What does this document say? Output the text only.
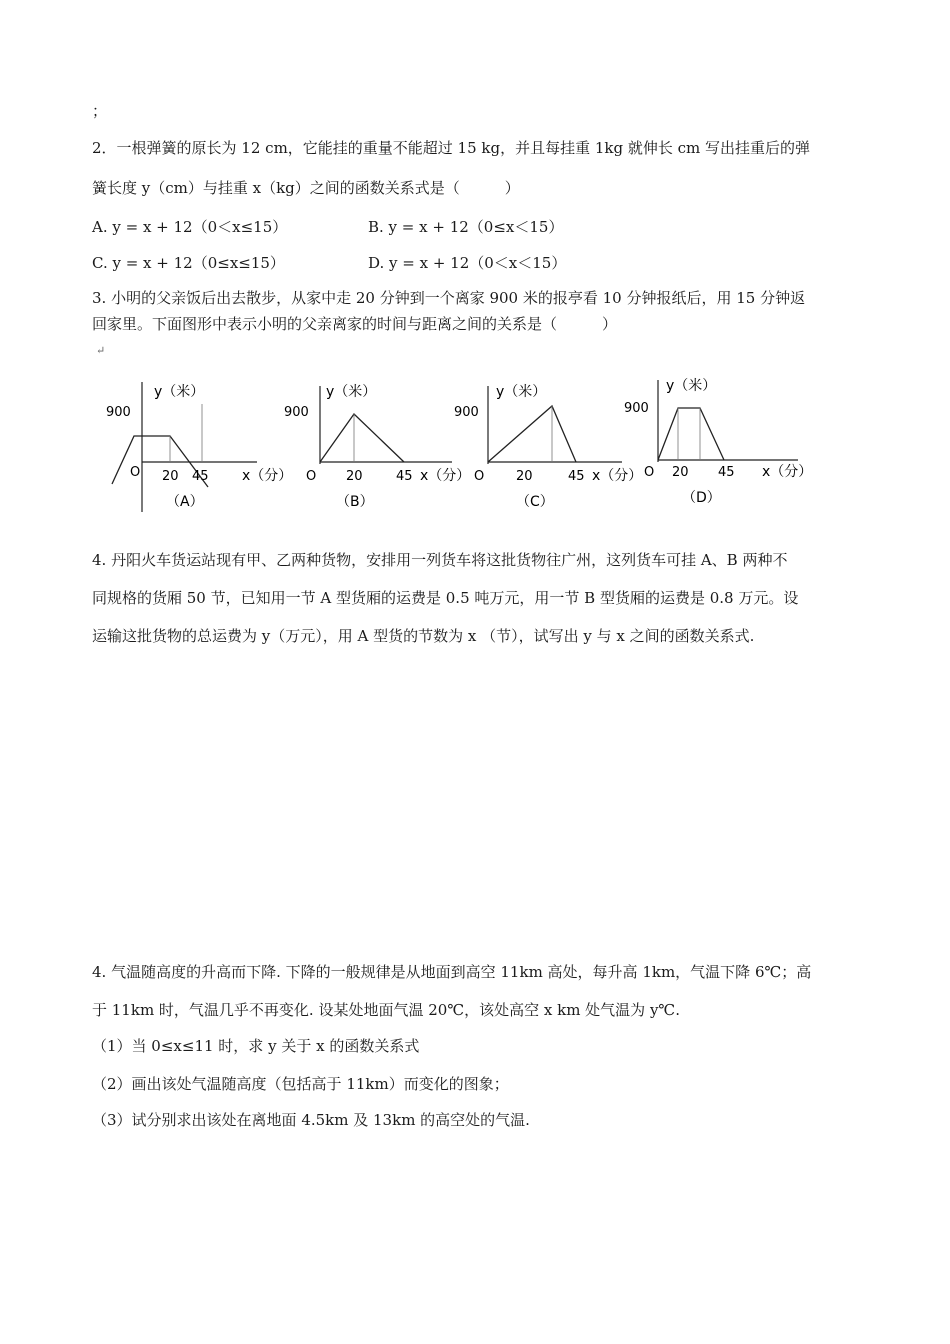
；
2．一根弹簧的原长为 12 cm，它能挂的重量不能超过 15 kg，并且每挂重 1kg 就伸长 cm 写出挂重后的弹
簧长度 y（cm）与挂重 x（kg）之间的函数关系式是（　　　）
A. y = x + 12（0＜x≤15）	B. y = x + 12（0≤x＜15）
C. y = x + 12（0≤x≤15）	D. y = x + 12（0＜x＜15）
3. 小明的父亲饭后出去散步，从家中走 20 分钟到一个离家 900 米的报亭看 10 分钟报纸后，用 15 分钟返
回家里。下面图形中表示小明的父亲离家的时间与距离之间的关系是（　　　）
↵
y（米）
900
O 20 45 x（分）
（A）
y（米）
900
O 20	45 x（分）
（B）
y（米）
900
O 20	45 x（分）
（C）
y（米）
900
O 20 45 x（分）
（D）
4. 丹阳火车货运站现有甲、乙两种货物，安排用一列货车将这批货物往广州，这列货车可挂 A、B 两种不
同规格的货厢 50 节，已知用一节 A 型货厢的运费是 0.5 吨万元，用一节 B 型货厢的运费是 0.8 万元。设
运输这批货物的总运费为 y（万元），用 A 型货的节数为 x （节），试写出 y 与 x 之间的函数关系式.
4. 气温随高度的升高而下降. 下降的一般规律是从地面到高空 11km 高处，每升高 1km，气温下降 6℃；高
于 11km 时，气温几乎不再变化. 设某处地面气温 20℃，该处高空 x km 处气温为 y℃.
（1）当 0≤x≤11 时，求 y 关于 x 的函数关系式
（2）画出该处气温随高度（包括高于 11km）而变化的图象；
（3）试分别求出该处在离地面 4.5km 及 13km 的高空处的气温.
